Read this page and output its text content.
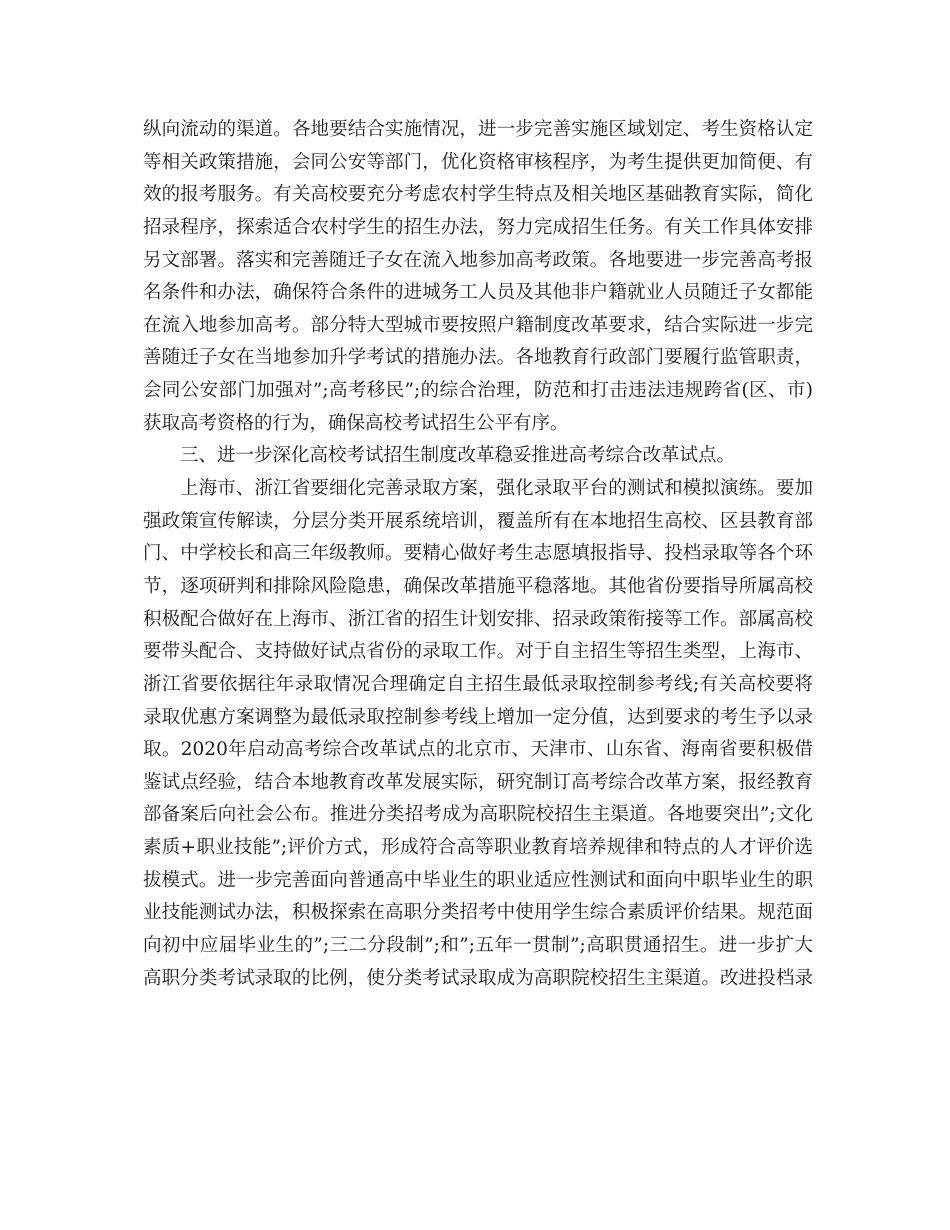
纵向流动的渠道。各地要结合实施情况，进一步完善实施区域划定、考生资格认定
等相关政策措施，会同公安等部门，优化资格审核程序，为考生提供更加简便、有
效的报考服务。有关高校要充分考虑农村学生特点及相关地区基础教育实际，简化
招录程序，探索适合农村学生的招生办法，努力完成招生任务。有关工作具体安排
另文部署。落实和完善随迁子女在流入地参加高考政策。各地要进一步完善高考报
名条件和办法，确保符合条件的进城务工人员及其他非户籍就业人员随迁子女都能
在流入地参加高考。部分特大型城市要按照户籍制度改革要求，结合实际进一步完
善随迁子女在当地参加升学考试的措施办法。各地教育行政部门要履行监管职责，
会同公安部门加强对”;高考移民”;的综合治理，防范和打击违法违规跨省(区、市)
获取高考资格的行为，确保高校考试招生公平有序。
三、进一步深化高校考试招生制度改革稳妥推进高考综合改革试点。
上海市、浙江省要细化完善录取方案，强化录取平台的测试和模拟演练。要加
强政策宣传解读，分层分类开展系统培训，覆盖所有在本地招生高校、区县教育部
门、中学校长和高三年级教师。要精心做好考生志愿填报指导、投档录取等各个环
节，逐项研判和排除风险隐患，确保改革措施平稳落地。其他省份要指导所属高校
积极配合做好在上海市、浙江省的招生计划安排、招录政策衔接等工作。部属高校
要带头配合、支持做好试点省份的录取工作。对于自主招生等招生类型，上海市、
浙江省要依据往年录取情况合理确定自主招生最低录取控制参考线;有关高校要将
录取优惠方案调整为最低录取控制参考线上增加一定分值，达到要求的考生予以录
取。2020年启动高考综合改革试点的北京市、天津市、山东省、海南省要积极借
鉴试点经验，结合本地教育改革发展实际，研究制订高考综合改革方案，报经教育
部备案后向社会公布。推进分类招考成为高职院校招生主渠道。各地要突出”;文化
素质+职业技能”;评价方式，形成符合高等职业教育培养规律和特点的人才评价选
拔模式。进一步完善面向普通高中毕业生的职业适应性测试和面向中职毕业生的职
业技能测试办法，积极探索在高职分类招考中使用学生综合素质评价结果。规范面
向初中应届毕业生的”;三二分段制”;和”;五年一贯制”;高职贯通招生。进一步扩大
高职分类考试录取的比例，使分类考试录取成为高职院校招生主渠道。改进投档录
